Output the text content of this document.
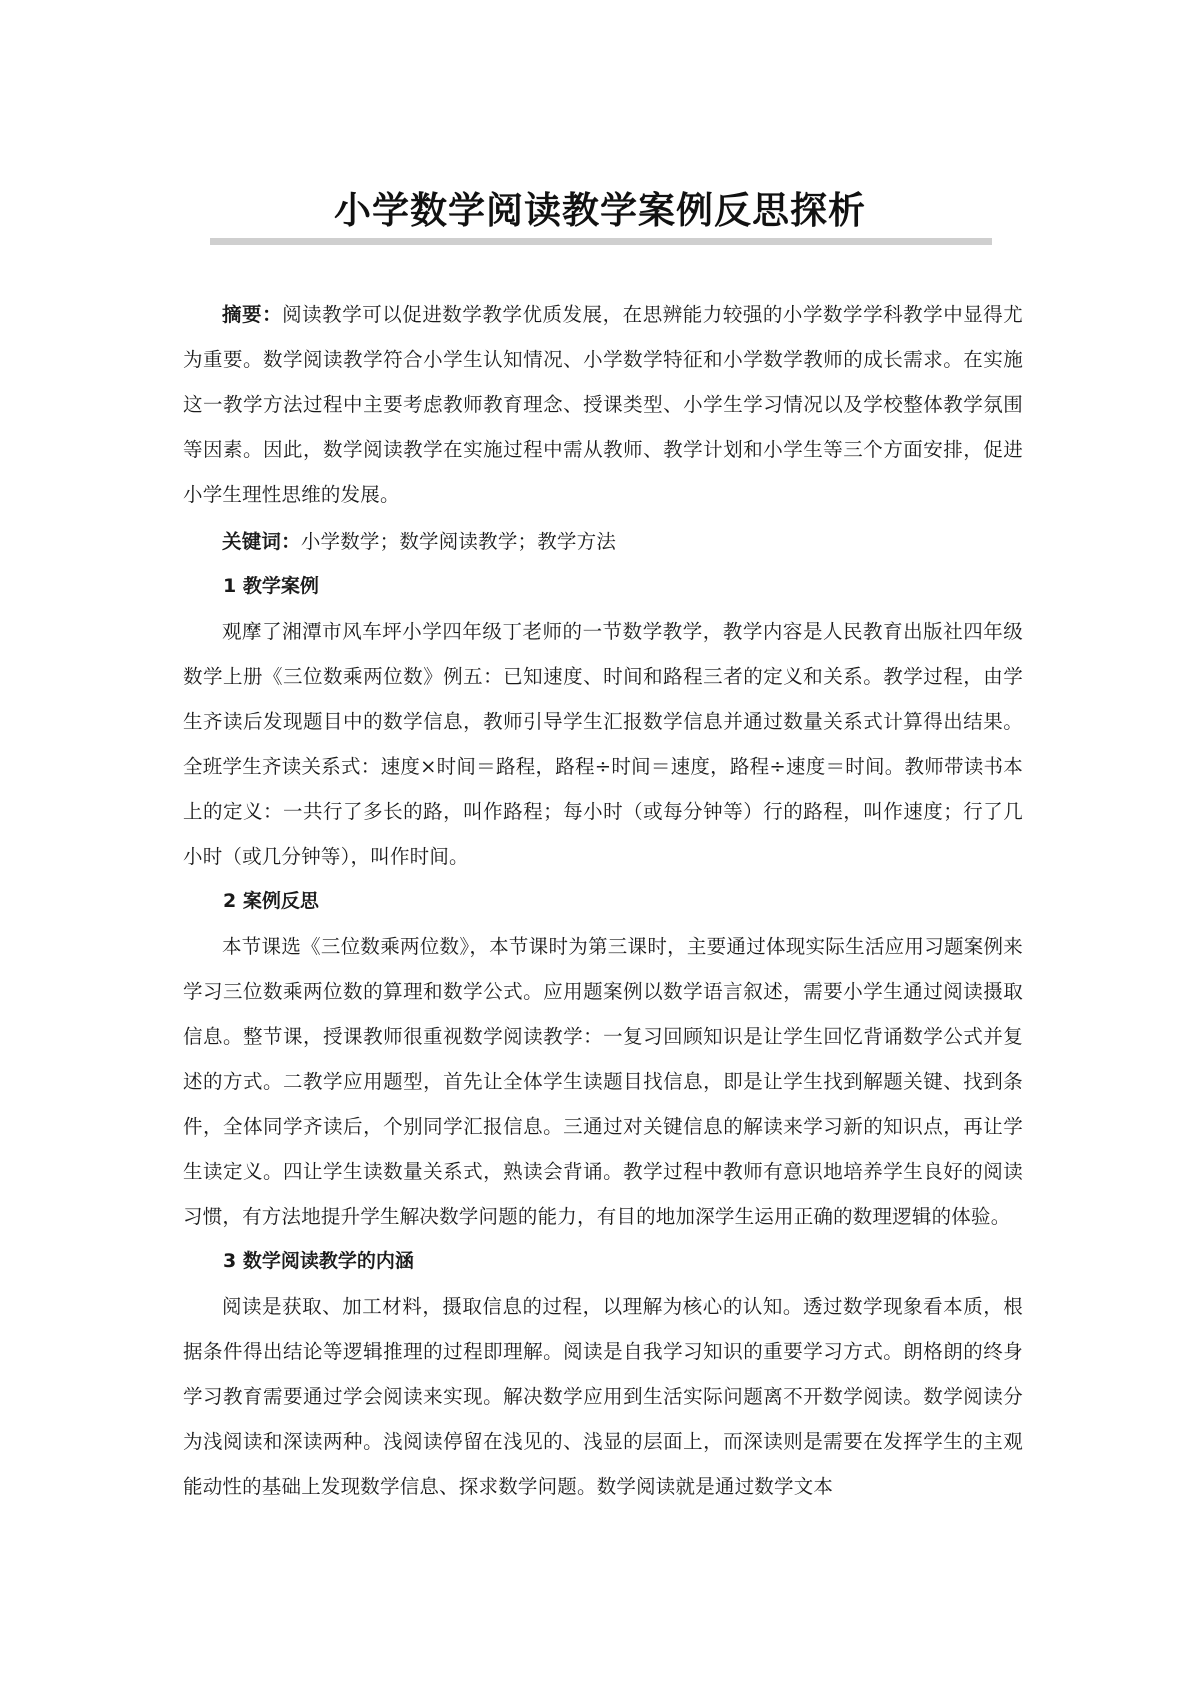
小学数学阅读教学案例反思探析

摘要：阅读教学可以促进数学教学优质发展，在思辨能力较强的小学数学学科教学中显得尤为重要。数学阅读教学符合小学生认知情况、小学数学特征和小学数学教师的成长需求。在实施这一教学方法过程中主要考虑教师教育理念、授课类型、小学生学习情况以及学校整体教学氛围等因素。因此，数学阅读教学在实施过程中需从教师、教学计划和小学生等三个方面安排，促进小学生理性思维的发展。

关键词：小学数学；数学阅读教学；教学方法

1 教学案例

观摩了湘潭市风车坪小学四年级丁老师的一节数学教学，教学内容是人民教育出版社四年级数学上册《三位数乘两位数》例五：已知速度、时间和路程三者的定义和关系。教学过程，由学生齐读后发现题目中的数学信息，教师引导学生汇报数学信息并通过数量关系式计算得出结果。全班学生齐读关系式：速度×时间＝路程，路程÷时间＝速度，路程÷速度＝时间。教师带读书本上的定义：一共行了多长的路，叫作路程；每小时（或每分钟等）行的路程，叫作速度；行了几小时（或几分钟等），叫作时间。

2 案例反思

本节课选《三位数乘两位数》，本节课时为第三课时，主要通过体现实际生活应用习题案例来学习三位数乘两位数的算理和数学公式。应用题案例以数学语言叙述，需要小学生通过阅读摄取信息。整节课，授课教师很重视数学阅读教学：一复习回顾知识是让学生回忆背诵数学公式并复述的方式。二教学应用题型，首先让全体学生读题目找信息，即是让学生找到解题关键、找到条件，全体同学齐读后，个别同学汇报信息。三通过对关键信息的解读来学习新的知识点，再让学生读定义。四让学生读数量关系式，熟读会背诵。教学过程中教师有意识地培养学生良好的阅读习惯，有方法地提升学生解决数学问题的能力，有目的地加深学生运用正确的数理逻辑的体验。

3 数学阅读教学的内涵

阅读是获取、加工材料，摄取信息的过程，以理解为核心的认知。透过数学现象看本质，根据条件得出结论等逻辑推理的过程即理解。阅读是自我学习知识的重要学习方式。朗格朗的终身学习教育需要通过学会阅读来实现。解决数学应用到生活实际问题离不开数学阅读。数学阅读分为浅阅读和深读两种。浅阅读停留在浅见的、浅显的层面上，而深读则是需要在发挥学生的主观能动性的基础上发现数学信息、探求数学问题。数学阅读就是通过数学文本
